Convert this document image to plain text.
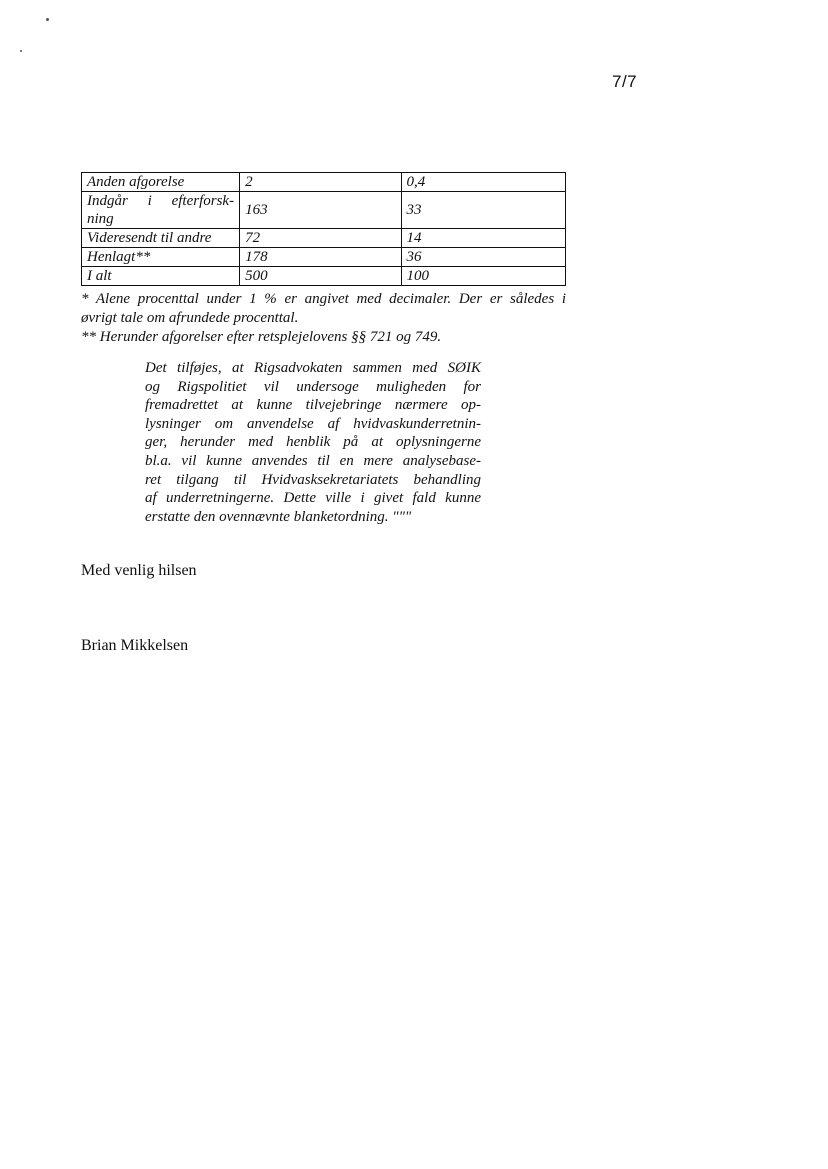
7/7
Anden afgorelse	2	0,4

Indgår i efterforsk-
ning	163	33
Videresendt til andre	72	14
Henlagt**	178	36
I alt	500	100

* Alene procenttal under 1 % er angivet med decimaler. Der er således i

øvrigt tale om afrundede procenttal.

** Herunder afgorelser efter retsplejelovens §§ 721 og 749.

Det tilføjes, at Rigsadvokaten sammen med SØIK
og Rigspolitiet vil undersoge muligheden for
fremadrettet at kunne tilvejebringe nærmere op-
lysninger om anvendelse af hvidvaskunderretnin-
ger, herunder med henblik på at oplysningerne
bl.a. vil kunne anvendes til en mere analysebase-
ret tilgang til Hvidvasksekretariatets behandling
af underretningerne. Dette ville i givet fald kunne
erstatte den ovennævnte blanketordning. """
Med venlig hilsen
Brian Mikkelsen
